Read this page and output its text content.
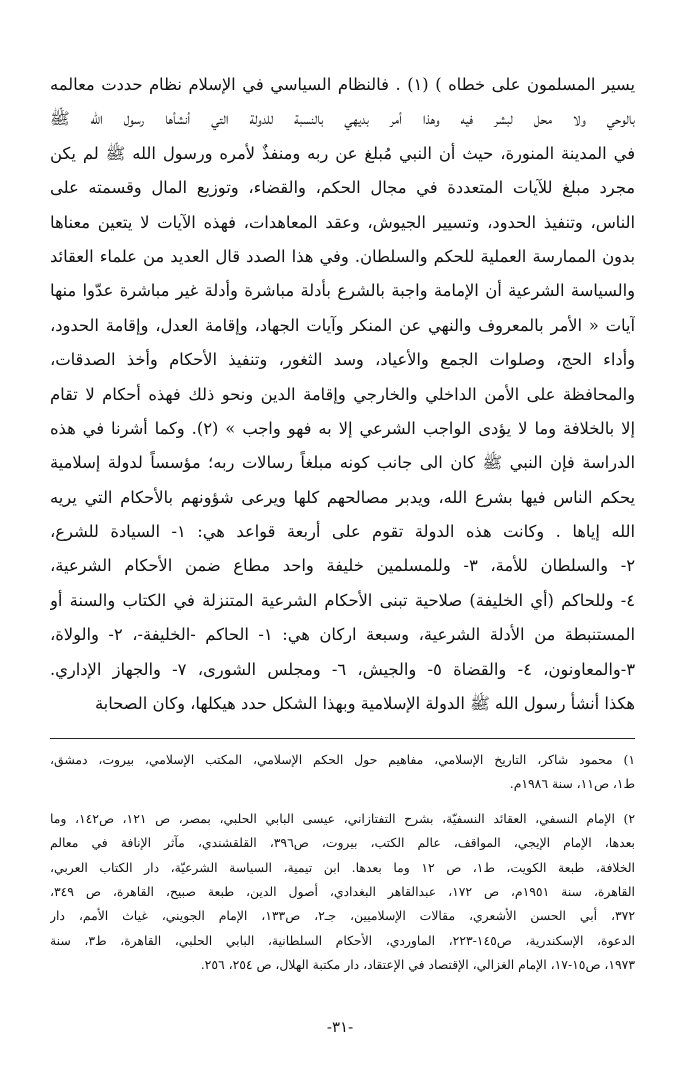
يسير المسلمون على خطاه ) (١) . فالنظام السياسي في الإسلام نظام حددت معالمه
بالوحي ولا محل لبشر فيه وهذا أمر بديهي بالنسبة للدولة التي أنشأها رسول الله ﷺ
في المدينة المنورة، حيث أن النبي مُبلغ عن ربه ومنفذٌ لأمره ورسول الله ﷺ لم يكن
مجرد مبلغ للآيات المتعددة في مجال الحكم، والقضاء، وتوزيع المال وقسمته على
الناس، وتنفيذ الحدود، وتسيير الجيوش، وعقد المعاهدات، فهذه الآيات لا يتعين معناها
بدون الممارسة العملية للحكم والسلطان. وفي هذا الصدد قال العديد من علماء العقائد
والسياسة الشرعية أن الإمامة واجبة بالشرع بأدلة مباشرة وأدلة غير مباشرة عدّوا منها
آيات « الأمر بالمعروف والنهي عن المنكر وآيات الجهاد، وإقامة العدل، وإقامة الحدود،
وأداء الحج، وصلوات الجمع والأعياد، وسد الثغور، وتنفيذ الأحكام وأخذ الصدقات،
والمحافظة على الأمن الداخلي والخارجي وإقامة الدين ونحو ذلك فهذه أحكام لا تقام
إلا بالخلافة وما لا يؤدى الواجب الشرعي إلا به فهو واجب » (٢). وكما أشرنا في هذه
الدراسة فإن النبي ﷺ كان الى جانب كونه مبلغاً رسالات ربه؛ مؤسساً لدولة إسلامية
يحكم الناس فيها بشرع الله، ويدبر مصالحهم كلها ويرعى شؤونهم بالأحكام التي يريه
الله إياها . وكانت هذه الدولة تقوم على أربعة قواعد هي: ١- السيادة للشرع،
٢- والسلطان للأمة، ٣- وللمسلمين خليفة واحد مطاع ضمن الأحكام الشرعية،
٤- وللحاكم (أي الخليفة) صلاحية تبنى الأحكام الشرعية المتنزلة في الكتاب والسنة أو
المستنبطة من الأدلة الشرعية، وسبعة اركان هي: ١- الحاكم -الخليفة-، ٢- والولاة،
٣-والمعاونون، ٤- والقضاة ٥- والجيش، ٦- ومجلس الشورى، ٧- والجهاز الإداري.
هكذا أنشأ رسول الله ﷺ الدولة الإسلامية وبهذا الشكل حدد هيكلها، وكان الصحابة
١) محمود شاكر، التاريخ الإسلامي، مفاهيم حول الحكم الإسلامي، المكتب الإسلامي، بيروت، دمشق،
ط١، ص١١، سنة ١٩٨٦م.
٢) الإمام النسفي، العقائد النسفيّة، بشرح التفتازاني، عيسى البابي الحلبي، بمصر، ص ١٢١، ص١٤٢، وما
بعدها، الإمام الإيجي، المواقف، عالم الكتب، بيروت، ص٣٩٦، القلقشندي، مآثر الإنافة في معالم
الخلافة، طبعة الكويت، ط١، ص ١٢ وما بعدها. ابن تيمية، السياسة الشرعيّة، دار الكتاب العربي،
القاهرة، سنة ١٩٥١م، ص ١٧٢، عبدالقاهر البغدادي، أصول الدين، طبعة صبيح، القاهرة، ص ٣٤٩،
٣٧٢، أبي الحسن الأشعري، مقالات الإسلاميين، جـ٢، ص١٣٣، الإمام الجويني، غياث الأمم، دار
الدعوة، الإسكندرية، ص١٤٥-٢٢٣، الماوردي، الأحكام السلطانية، البابي الحلبي، القاهرة، ط٣، سنة
١٩٧٣، ص١٥-١٧، الإمام الغزالي، الإقتصاد في الإعتقاد، دار مكتبة الهلال، ص ٢٥٤، ٢٥٦.
-٣١-
